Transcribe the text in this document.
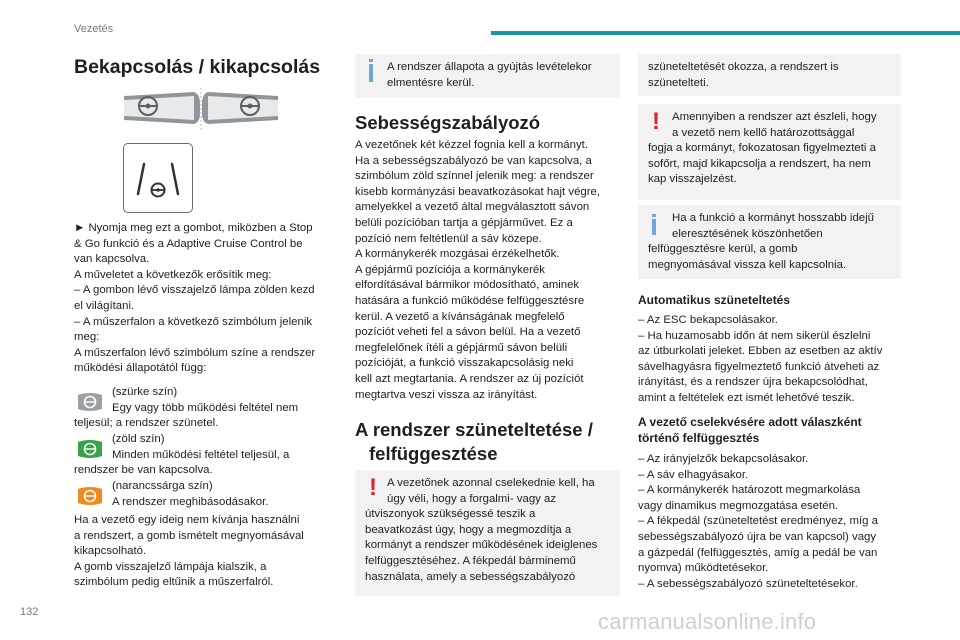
Vezetés
132	carmanualsonline.info
Bekapcsolás / kikapcsolás
► Nyomja meg ezt a gombot, miközben a Stop
& Go funkció és a Adaptive Cruise Control be
van kapcsolva.
A műveletet a következők erősítik meg:
– A gombon lévő visszajelző lámpa zölden kezd
el világítani.
– A műszerfalon a következő szimbólum jelenik
meg:
A műszerfalon lévő szimbólum színe a rendszer
működési állapotától függ:
(szürke szín)
Egy vagy több működési feltétel nem
teljesül; a rendszer szünetel.
(zöld szín)
Minden működési feltétel teljesül, a
rendszer be van kapcsolva.
(narancssárga szín)
A rendszer meghibásodásakor.
Ha a vezető egy ideig nem kívánja használni
a rendszert, a gomb ismételt megnyomásával
kikapcsolható.
A gomb visszajelző lámpája kialszik, a
szimbólum pedig eltűnik a műszerfalról.
A rendszer állapota a gyújtás levételekor
elmentésre kerül.
Sebességszabályozó
A vezetőnek két kézzel fognia kell a kormányt.
Ha a sebességszabályozó be van kapcsolva, a
szimbólum zöld színnel jelenik meg: a rendszer
kisebb kormányzási beavatkozásokat hajt végre,
amelyekkel a vezető által megválasztott sávon
belüli pozícióban tartja a gépjárművet. Ez a
pozíció nem feltétlenül a sáv közepe.
A kormánykerék mozgásai érzékelhetők.
A gépjármű pozíciója a kormánykerék
elfordításával bármikor módosítható, aminek
hatására a funkció működése felfüggesztésre
kerül. A vezető a kívánságának megfelelő
pozíciót veheti fel a sávon belül. Ha a vezető
megfelelőnek ítéli a gépjármű sávon belüli
pozícióját, a funkció visszakapcsolásig neki
kell azt megtartania. A rendszer az új pozíciót
megtartva veszi vissza az irányítást.
A rendszer szüneteltetése /
felfüggesztése
! A vezetőnek azonnal cselekednie kell, ha
úgy véli, hogy a forgalmi- vagy az
útviszonyok szükségessé teszik a
beavatkozást úgy, hogy a megmozdítja a
kormányt a rendszer működésének ideiglenes
felfüggesztéséhez. A fékpedál bárminemű
használata, amely a sebességszabályozó
szüneteltetését okozza, a rendszert is
szünetelteti.
!	Amennyiben a rendszer azt észleli, hogy
a vezető nem kellő határozottsággal
fogja a kormányt, fokozatosan figyelmezteti a
sofőrt, majd kikapcsolja a rendszert, ha nem
kap visszajelzést.
Ha a funkció a kormányt hosszabb idejű
eleresztésének köszönhetően
felfüggesztésre kerül, a gomb
megnyomásával vissza kell kapcsolnia.
Automatikus szüneteltetés
– Az ESC bekapcsolásakor.
– Ha huzamosabb időn át nem sikerül észlelni
az útburkolati jeleket. Ebben az esetben az aktív
sávelhagyásra figyelmeztető funkció átveheti az
irányítást, és a rendszer újra bekapcsolódhat,
amint a feltételek ezt ismét lehetővé teszik.
A vezető cselekvésére adott válaszként
történő felfüggesztés
– Az irányjelzők bekapcsolásakor.
– A sáv elhagyásakor.
– A kormánykerék határozott megmarkolása
vagy dinamikus megmozgatása esetén.
– A fékpedál (szüneteltetést eredményez, míg a
sebességszabályozó újra be van kapcsol) vagy
a gázpedál (felfüggesztés, amíg a pedál be van
nyomva) működtetésekor.
– A sebességszabályozó szüneteltetésekor.
